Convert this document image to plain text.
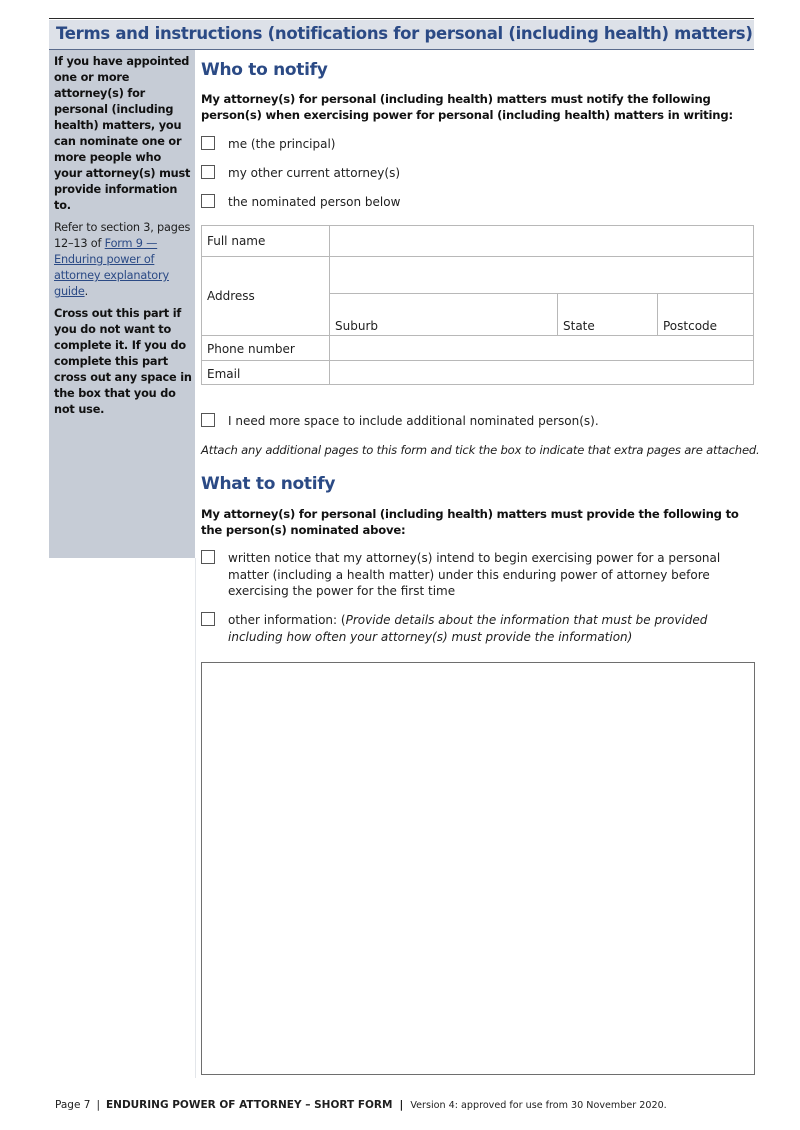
Terms and instructions (notifications for personal (including health) matters)
If you have appointed one or more attorney(s) for personal (including health) matters, you can nominate one or more people who your attorney(s) must provide information to.
Refer to section 3, pages 12–13 of Form 9 — Enduring power of attorney explanatory guide.
Cross out this part if you do not want to complete it. If you do complete this part cross out any space in the box that you do not use.
Who to notify
My attorney(s) for personal (including health) matters must notify the following person(s) when exercising power for personal (including health) matters in writing:
me (the principal)
my other current attorney(s)
the nominated person below
Full name
Address
Suburb	State	Postcode
Phone number
Email
I need more space to include additional nominated person(s).
Attach any additional pages to this form and tick the box to indicate that extra pages are attached.
What to notify
My attorney(s) for personal (including health) matters must provide the following to the person(s) nominated above:
written notice that my attorney(s) intend to begin exercising power for a personal matter (including a health matter) under this enduring power of attorney before exercising the power for the first time
other information: (Provide details about the information that must be provided including how often your attorney(s) must provide the information)
Page 7 | ENDURING POWER OF ATTORNEY – SHORT FORM | Version 4: approved for use from 30 November 2020.
